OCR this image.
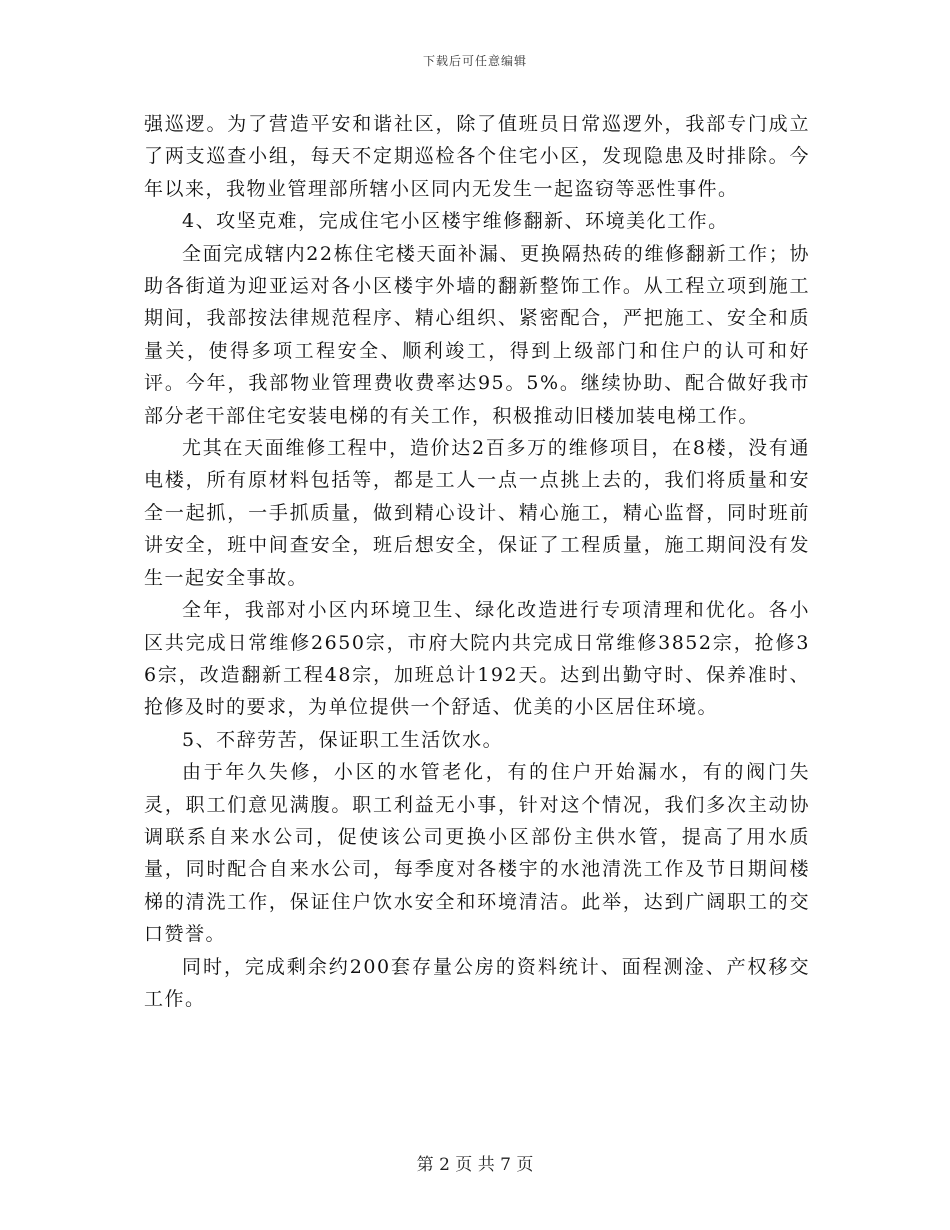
下载后可任意编辑

强巡逻。为了营造平安和谐社区，除了值班员日常巡逻外，我部专门成立了两支巡查小组，每天不定期巡检各个住宅小区，发现隐患及时排除。今年以来，我物业管理部所辖小区同内无发生一起盗窃等恶性事件。

4、攻坚克难，完成住宅小区楼宇维修翻新、环境美化工作。

全面完成辖内22栋住宅楼天面补漏、更换隔热砖的维修翻新工作；协助各街道为迎亚运对各小区楼宇外墙的翻新整饰工作。从工程立项到施工期间，我部按法律规范程序、精心组织、紧密配合，严把施工、安全和质量关，使得多项工程安全、顺利竣工，得到上级部门和住户的认可和好评。今年，我部物业管理费收费率达95。5%。继续协助、配合做好我市部分老干部住宅安装电梯的有关工作，积极推动旧楼加装电梯工作。

尤其在天面维修工程中，造价达2百多万的维修项目，在8楼，没有通电楼，所有原材料包括等，都是工人一点一点挑上去的，我们将质量和安全一起抓，一手抓质量，做到精心设计、精心施工，精心监督，同时班前讲安全，班中间查安全，班后想安全，保证了工程质量，施工期间没有发生一起安全事故。

全年，我部对小区内环境卫生、绿化改造进行专项清理和优化。各小区共完成日常维修2650宗，市府大院内共完成日常维修3852宗，抢修36宗，改造翻新工程48宗，加班总计192天。达到出勤守时、保养准时、抢修及时的要求，为单位提供一个舒适、优美的小区居住环境。

5、不辞劳苦，保证职工生活饮水。

由于年久失修，小区的水管老化，有的住户开始漏水，有的阀门失灵，职工们意见满腹。职工利益无小事，针对这个情况，我们多次主动协调联系自来水公司，促使该公司更换小区部份主供水管，提高了用水质量，同时配合自来水公司，每季度对各楼宇的水池清洗工作及节日期间楼梯的清洗工作，保证住户饮水安全和环境清洁。此举，达到广阔职工的交口赞誉。

同时，完成剩余约200套存量公房的资料统计、面程测淦、产权移交工作。

第 2 页 共 7 页
